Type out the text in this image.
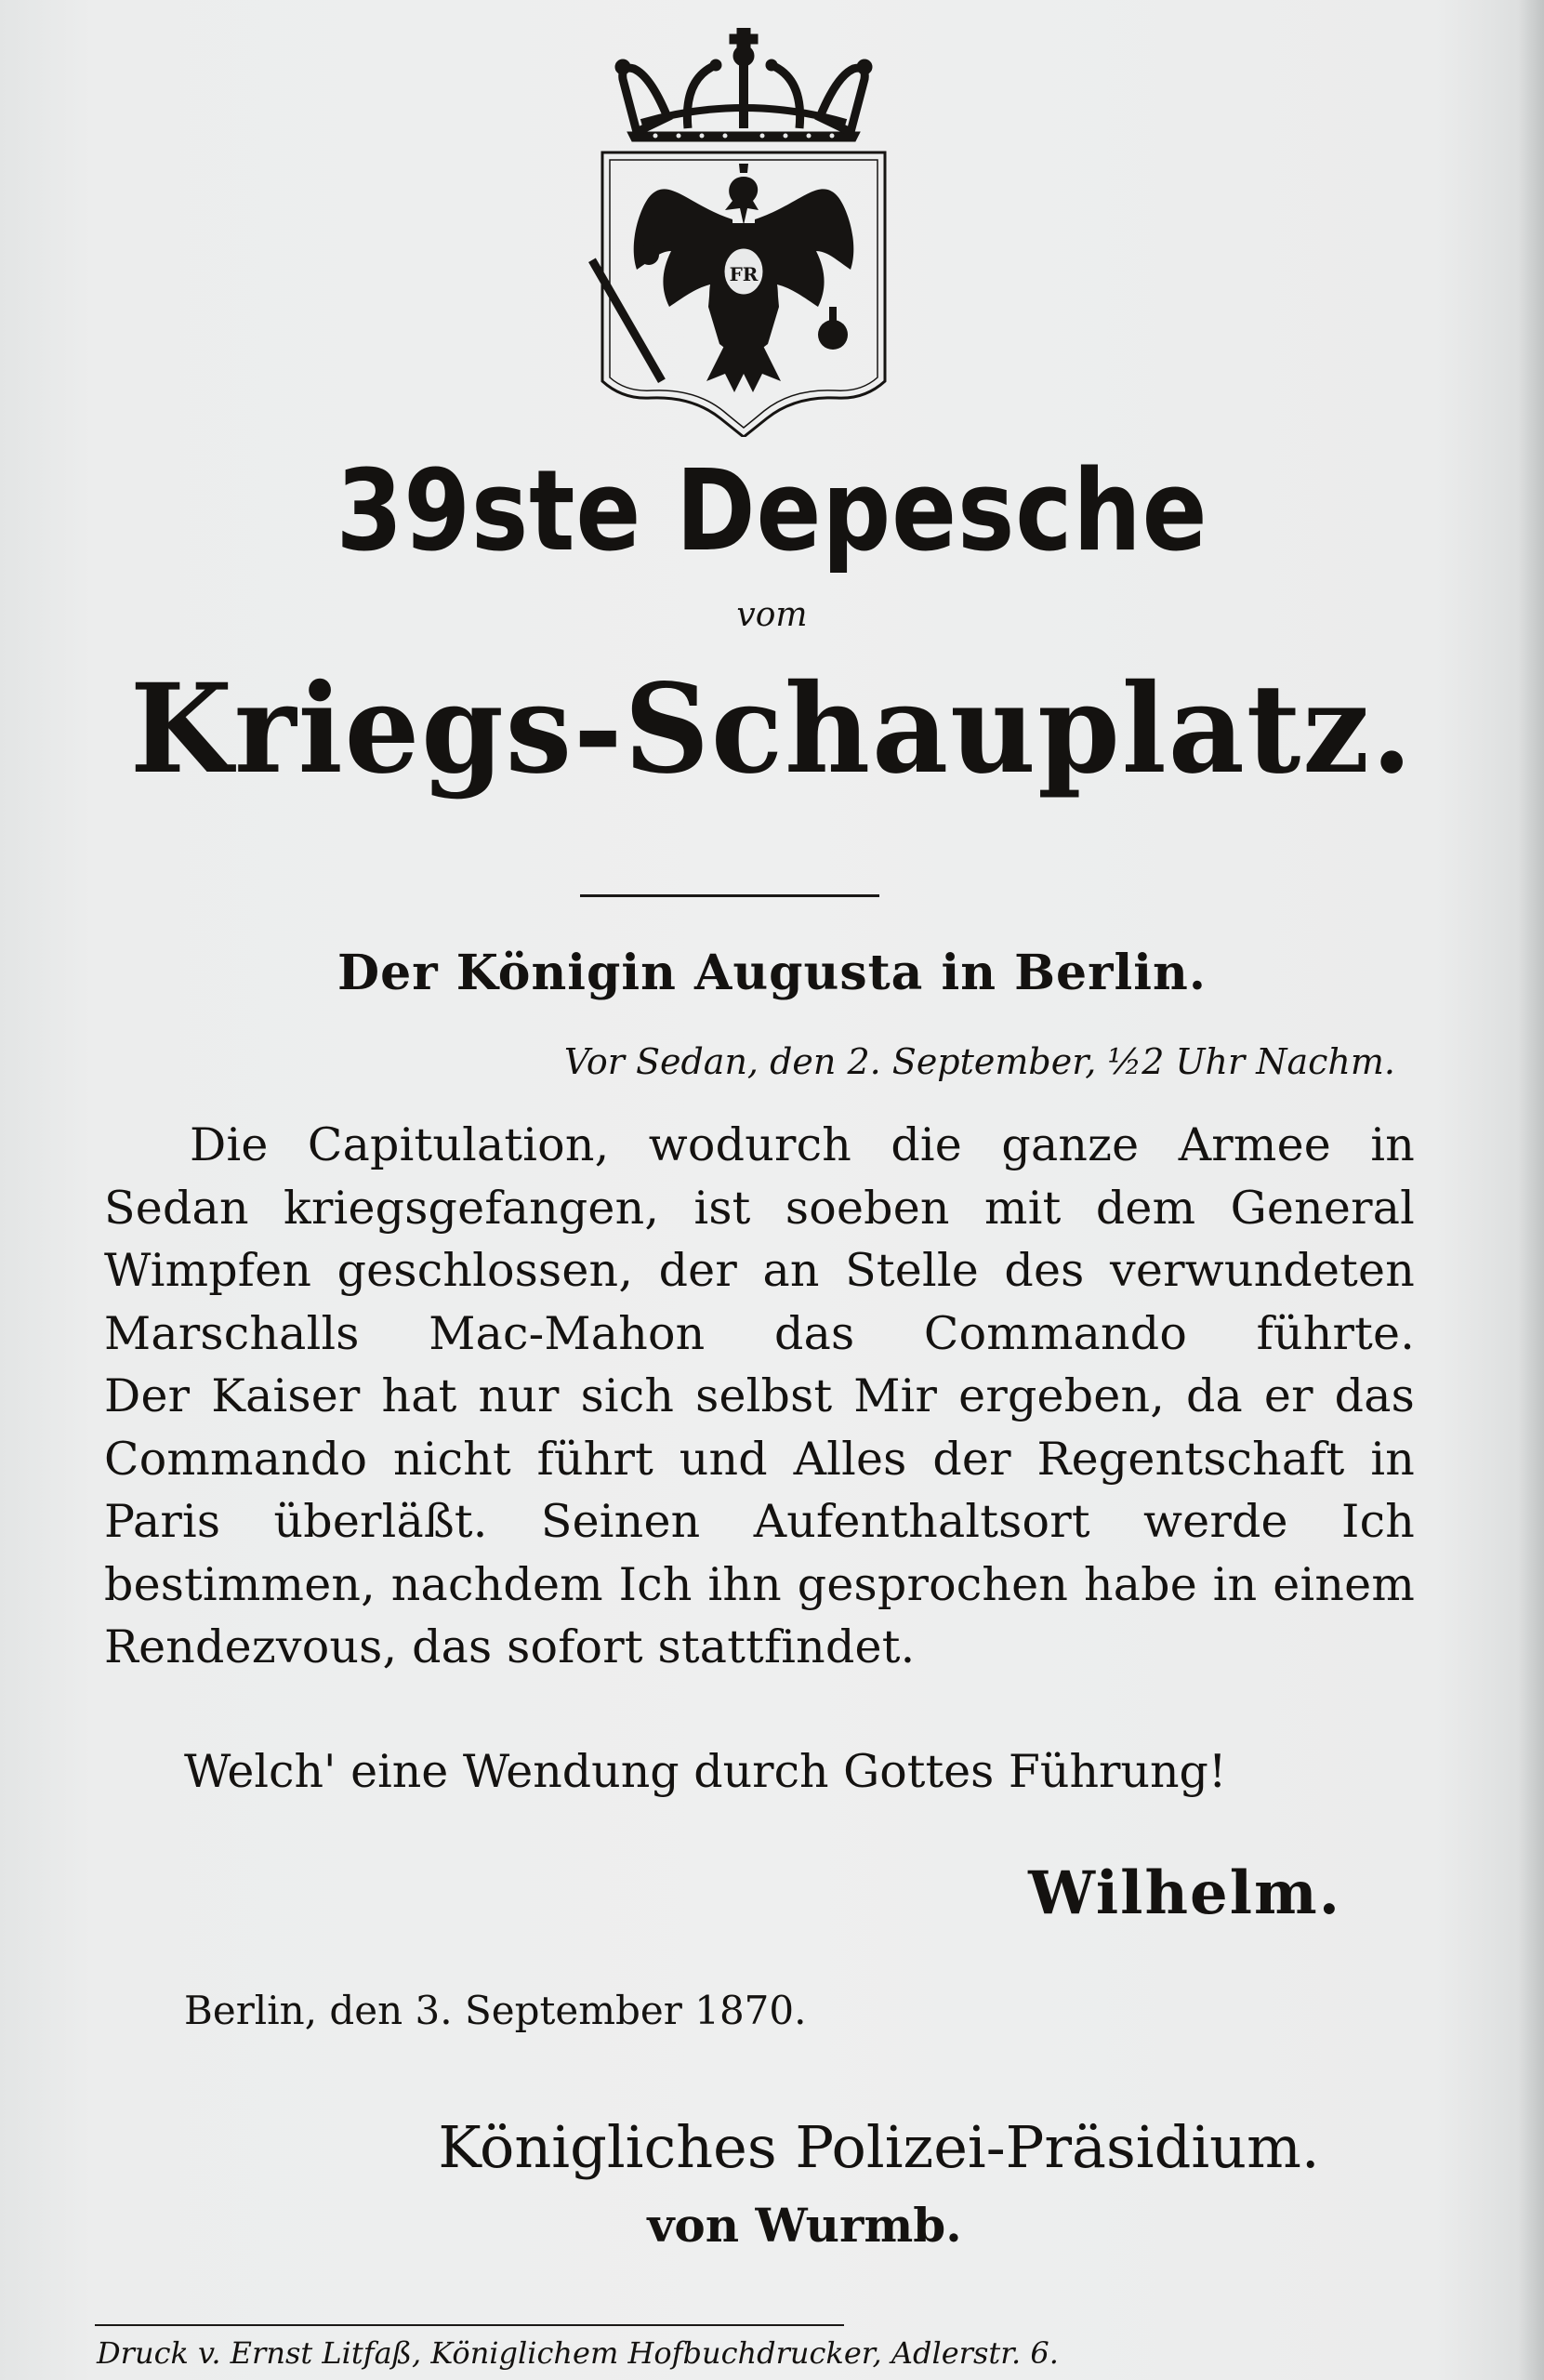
FR
39ste Depesche
vom
Kriegs-Schauplatz.
Der Königin Augusta in Berlin.
Vor Sedan, den 2. September, ½2 Uhr Nachm.
Die Capitulation, wodurch die ganze Armee in
Sedan kriegsgefangen, ist soeben mit dem General
Wimpfen geschlossen, der an Stelle des verwundeten
Marschalls Mac-Mahon das Commando führte.
Der Kaiser hat nur sich selbst Mir ergeben, da er das
Commando nicht führt und Alles der Regentschaft in
Paris überläßt. Seinen Aufenthaltsort werde Ich
bestimmen, nachdem Ich ihn gesprochen habe in einem
Rendezvous, das sofort stattfindet.
Welch' eine Wendung durch Gottes Führung!
Wilhelm.
Berlin, den 3. September 1870.
Königliches Polizei-Präsidium.
von Wurmb.
Druck v. Ernst Litfaß, Königlichem Hofbuchdrucker, Adlerstr. 6.
